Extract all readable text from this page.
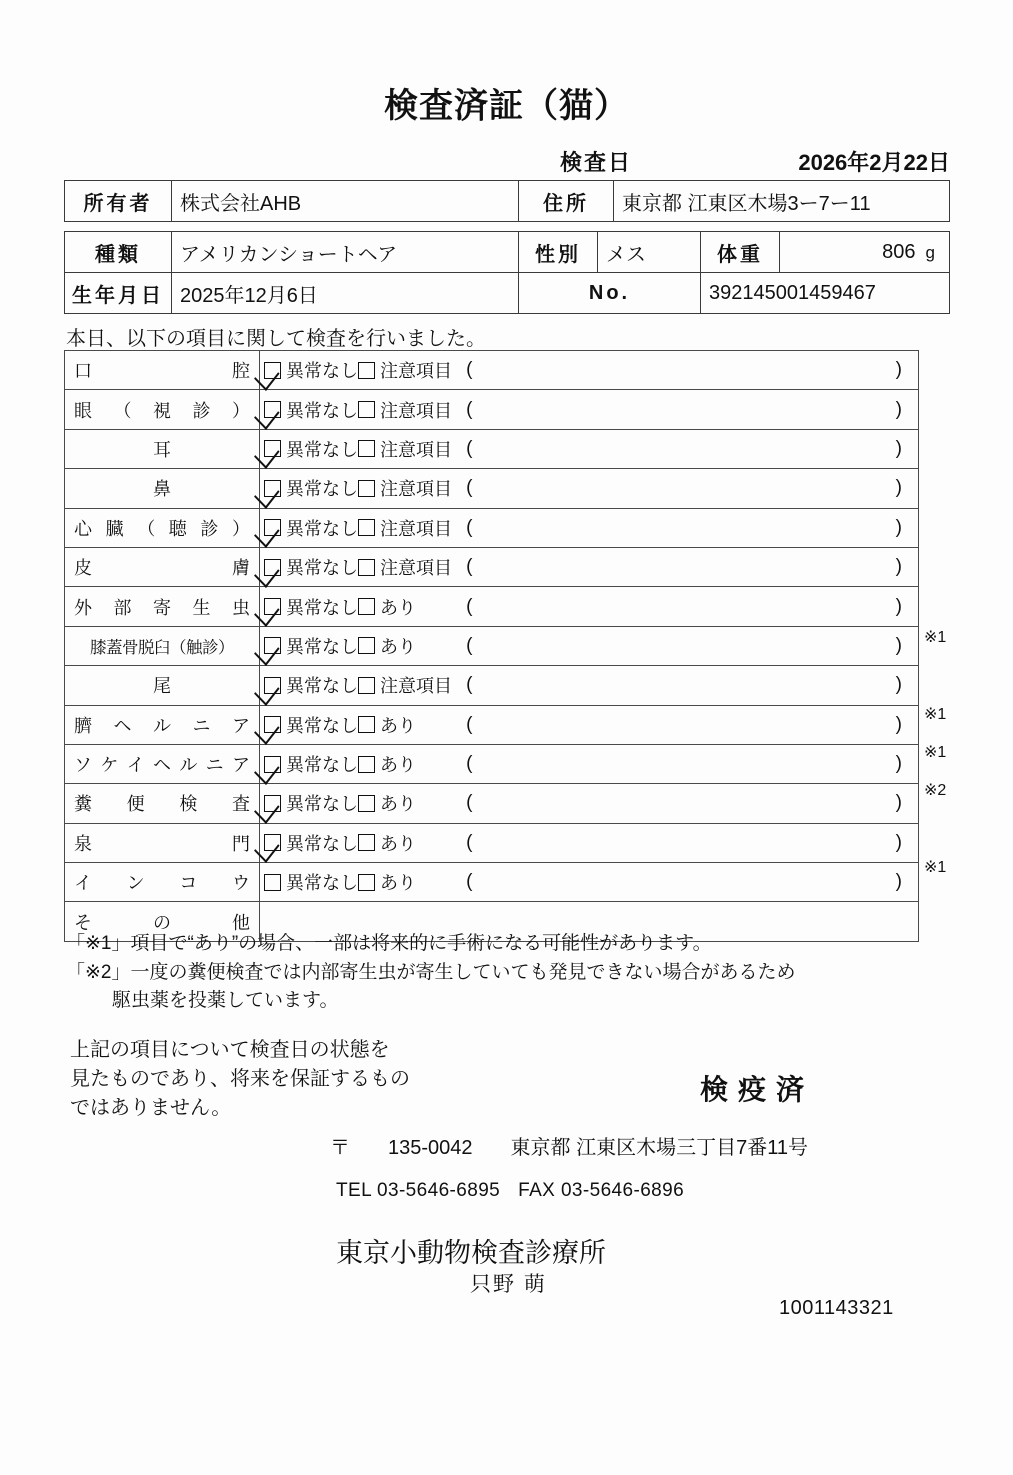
検査済証（猫）
検査日	2026年2月22日
所有者	株式会社AHB	住所	東京都 江東区木場3ー7ー11
種類	アメリカンショートヘア	性別	メス	体重	806 g

生年月日	2025年12月6日	No.		392145001459467	
本日、以下の項目に関して検査を行いました。
口 腔	異常なし 注意項目 ( )

眼 （ 視 診 ）	異常なし 注意項目 ( )

耳	異常なし 注意項目 ( )

鼻	異常なし 注意項目 ( )

心 臓 （ 聴 診 ）	異常なし 注意項目 (	)

皮 膚	異常なし 注意項目 ( )

外 部 寄 生 虫	異常なし あり ( )

膝蓋骨脱臼（触診）	異常なし あり ( )

尾	異常なし 注意項目 ( )

臍 ヘ ル ニ ア	異常なし あり ( )

ソ ケ イ ヘ ル ニ ア	異常なし あり	(	)

糞 便 検 査	異常なし あり ( )

泉 門	異常なし あり ( )

イ ン コ ウ	異常なし あり ( )

そ の 他	

※1
※1
※1
※2
※1
「※1」項目で“あり”の場合、一部は将来的に手術になる可能性があります。
「※2」一度の糞便検査では内部寄生虫が寄生していても発見できない場合があるため
駆虫薬を投薬しています。
上記の項目について検査日の状態を
見たものであり、将来を保証するもの
ではありません。
検疫済
〒 135-0042 東京都 江東区木場三丁目7番11号
TEL 03-5646-6895 FAX 03-5646-6896
東京小動物検査診療所
只野 萌
1001143321
